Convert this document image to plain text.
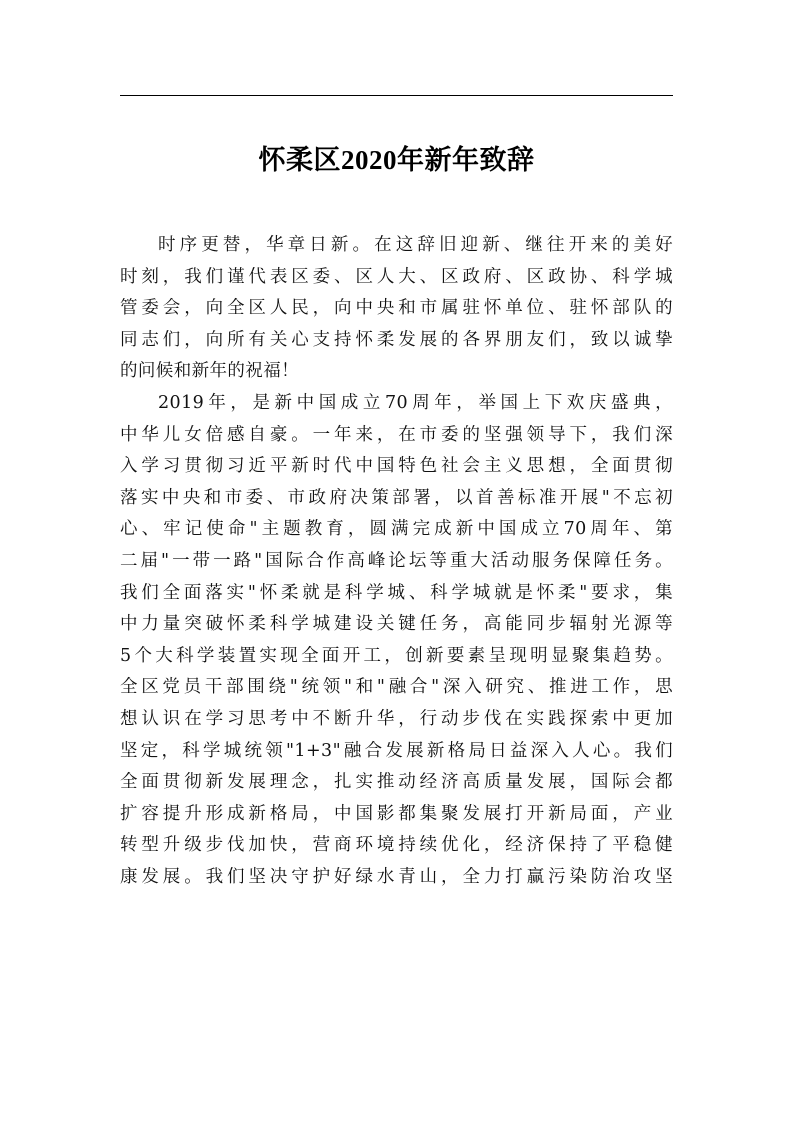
怀柔区2020年新年致辞
时序更替，华章日新。在这辞旧迎新、继往开来的美好
时刻，我们谨代表区委、区人大、区政府、区政协、科学城
管委会，向全区人民，向中央和市属驻怀单位、驻怀部队的
同志们，向所有关心支持怀柔发展的各界朋友们，致以诚挚
的问候和新年的祝福！
2019年，是新中国成立70周年，举国上下欢庆盛典，
中华儿女倍感自豪。一年来，在市委的坚强领导下，我们深
入学习贯彻习近平新时代中国特色社会主义思想，全面贯彻
落实中央和市委、市政府决策部署，以首善标准开展"不忘初
心、牢记使命"主题教育，圆满完成新中国成立70周年、第
二届"一带一路"国际合作高峰论坛等重大活动服务保障任务。
我们全面落实"怀柔就是科学城、科学城就是怀柔"要求，集
中力量突破怀柔科学城建设关键任务，高能同步辐射光源等
5个大科学装置实现全面开工，创新要素呈现明显聚集趋势。
全区党员干部围绕"统领"和"融合"深入研究、推进工作，思
想认识在学习思考中不断升华，行动步伐在实践探索中更加
坚定，科学城统领"1+3"融合发展新格局日益深入人心。我们
全面贯彻新发展理念，扎实推动经济高质量发展，国际会都
扩容提升形成新格局，中国影都集聚发展打开新局面，产业
转型升级步伐加快，营商环境持续优化，经济保持了平稳健
康发展。我们坚决守护好绿水青山，全力打赢污染防治攻坚
